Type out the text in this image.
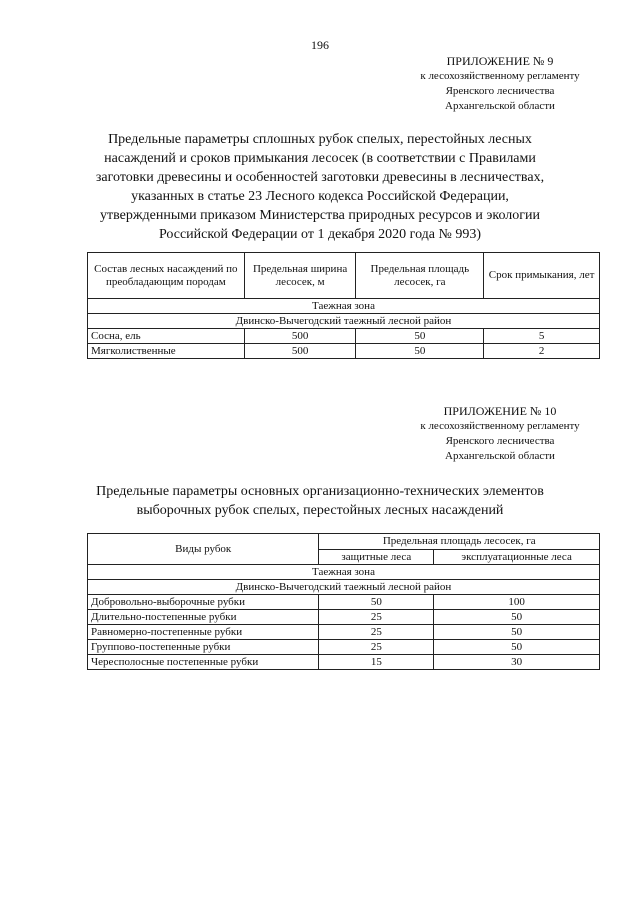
196
ПРИЛОЖЕНИЕ № 9
к лесохозяйственному регламенту
Яренского лесничества
Архангельской области
Предельные параметры сплошных рубок спелых, перестойных лесных
насаждений и сроков примыкания лесосек (в соответствии с Правилами
заготовки древесины и особенностей заготовки древесины в лесничествах,
указанных в статье 23 Лесного кодекса Российской Федерации,
утвержденными приказом Министерства природных ресурсов и экологии
Российской Федерации от 1 декабря 2020 года № 993)
Состав лесных насаждений по преобладающим породам	Предельная ширина лесосек, м	Предельная площадь лесосек, га	Срок примыкания, лет
Таежная зона			
Двинско-Вычегодский таежный лесной район			
Сосна, ель	500	50	5
Мягколиственные	500	50	2
ПРИЛОЖЕНИЕ № 10
к лесохозяйственному регламенту
Яренского лесничества
Архангельской области
Предельные параметры основных организационно-технических элементов
выборочных рубок спелых, перестойных лесных насаждений
Виды рубок	Предельная площадь лесосек, га	
	защитные леса	эксплуатационные леса
Таежная зона		
Двинско-Вычегодский таежный лесной район		
Добровольно-выборочные рубки	50	100
Длительно-постепенные рубки	25	50
Равномерно-постепенные рубки	25	50
Группово-постепенные рубки	25	50
Чересполосные постепенные рубки	15	30
